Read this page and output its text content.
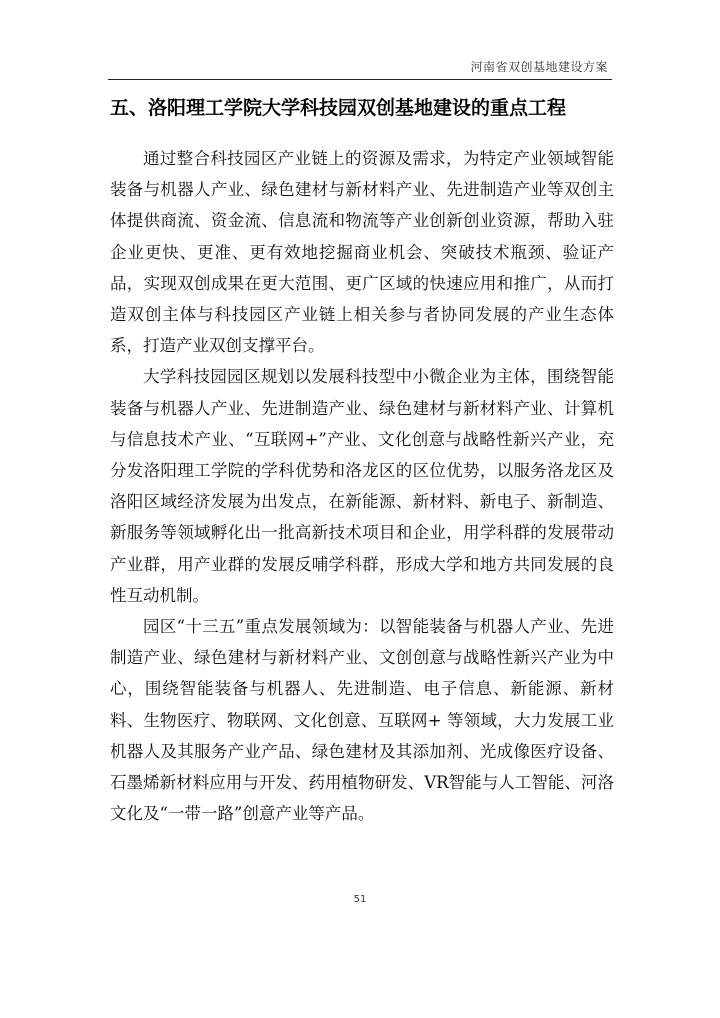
河南省双创基地建设方案
五、洛阳理工学院大学科技园双创基地建设的重点工程

通过整合科技园区产业链上的资源及需求，为特定产业领域智能装备与机器人产业、绿色建材与新材料产业、先进制造产业等双创主体提供商流、资金流、信息流和物流等产业创新创业资源，帮助入驻企业更快、更准、更有效地挖掘商业机会、突破技术瓶颈、验证产品，实现双创成果在更大范围、更广区域的快速应用和推广，从而打造双创主体与科技园区产业链上相关参与者协同发展的产业生态体系，打造产业双创支撑平台。

大学科技园园区规划以发展科技型中小微企业为主体，围绕智能装备与机器人产业、先进制造产业、绿色建材与新材料产业、计算机与信息技术产业、“互联网+”产业、文化创意与战略性新兴产业，充分发洛阳理工学院的学科优势和洛龙区的区位优势，以服务洛龙区及洛阳区域经济发展为出发点，在新能源、新材料、新电子、新制造、新服务等领域孵化出一批高新技术项目和企业，用学科群的发展带动产业群，用产业群的发展反哺学科群，形成大学和地方共同发展的良性互动机制。

园区“十三五”重点发展领域为：以智能装备与机器人产业、先进制造产业、绿色建材与新材料产业、文创创意与战略性新兴产业为中心，围绕智能装备与机器人、先进制造、电子信息、新能源、新材料、生物医疗、物联网、文化创意、互联网+ 等领域，大力发展工业机器人及其服务产业产品、绿色建材及其添加剂、光成像医疗设备、石墨烯新材料应用与开发、药用植物研发、VR智能与人工智能、河洛文化及“一带一路”创意产业等产品。

51
